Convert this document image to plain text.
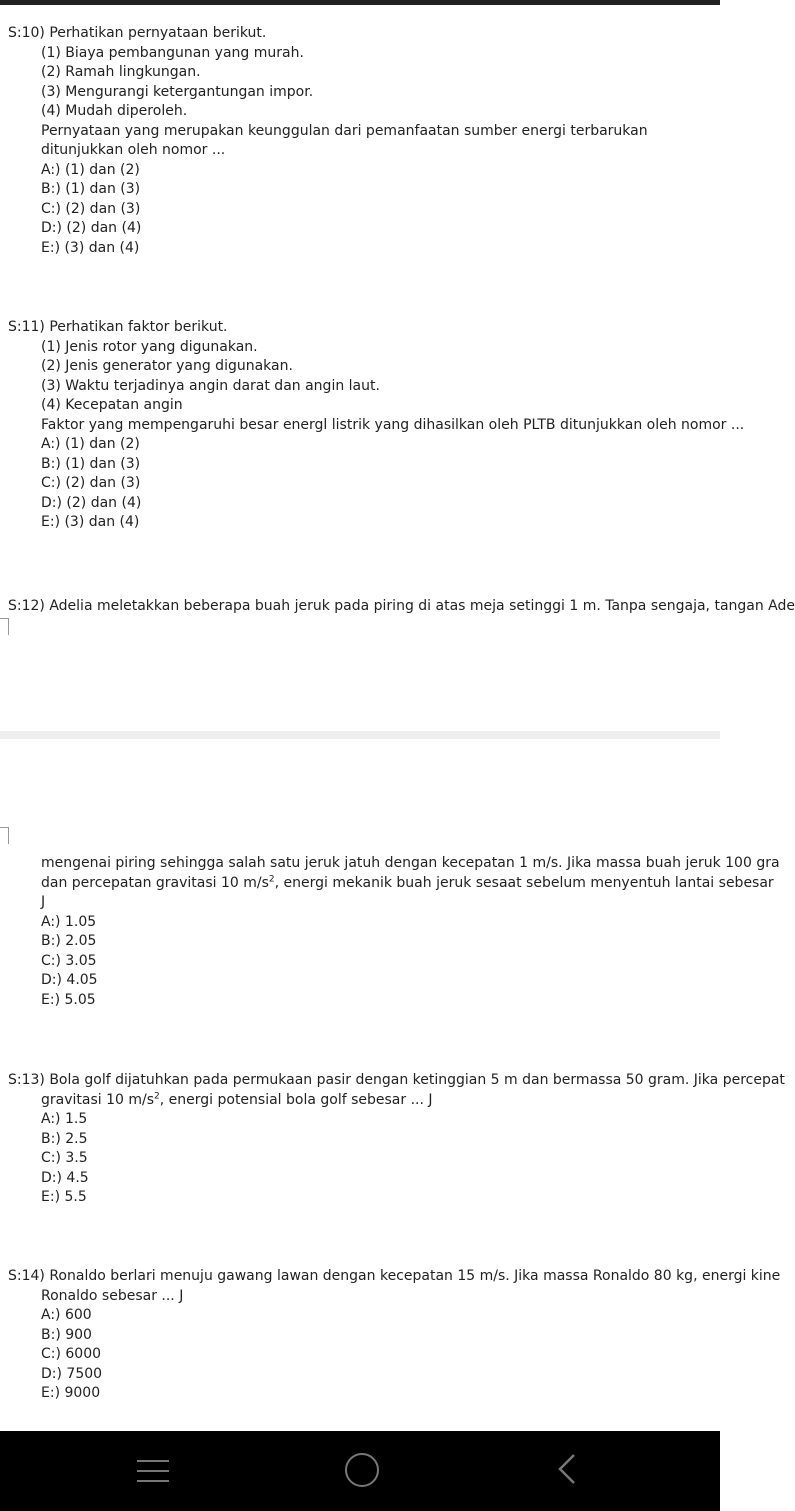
S:10) Perhatikan pernyataan berikut.
(1) Biaya pembangunan yang murah.
(2) Ramah lingkungan.
(3) Mengurangi ketergantungan impor.
(4) Mudah diperoleh.
Pernyataan yang merupakan keunggulan dari pemanfaatan sumber energi terbarukan ditunjukkan oleh nomor ...
A:) (1) dan (2)
B:) (1) dan (3)
C:) (2) dan (3)
D:) (2) dan (4)
E:) (3) dan (4)
S:11) Perhatikan faktor berikut.
(1) Jenis rotor yang digunakan.
(2) Jenis generator yang digunakan.
(3) Waktu terjadinya angin darat dan angin laut.
(4) Kecepatan angin
Faktor yang mempengaruhi besar energl listrik yang dihasilkan oleh PLTB ditunjukkan oleh nomor ...
A:) (1) dan (2)
B:) (1) dan (3)
C:) (2) dan (3)
D:) (2) dan (4)
E:) (3) dan (4)
S:12) Adelia meletakkan beberapa buah jeruk pada piring di atas meja setinggi 1 m. Tanpa sengaja, tangan Ade
mengenai piring sehingga salah satu jeruk jatuh dengan kecepatan 1 m/s. Jika massa buah jeruk 100 gra
dan percepatan gravitasi 10 $m/s^2$, energi mekanik buah jeruk sesaat sebelum menyentuh lantai sebesar
J
A:) 1.05
B:) 2.05
C:) 3.05
D:) 4.05
E:) 5.05
S:13) Bola golf dijatuhkan pada permukaan pasir dengan ketinggian 5 m dan bermassa 50 gram. Jika percepat
gravitasi 10 $m/s^2$, energi potensial bola golf sebesar ... J
A:) 1.5
B:) 2.5
C:) 3.5
D:) 4.5
E:) 5.5
S:14) Ronaldo berlari menuju gawang lawan dengan kecepatan 15 m/s. Jika massa Ronaldo 80 kg, energi kine
Ronaldo sebesar ... J
A:) 600
B:) 900
C:) 6000
D:) 7500
E:) 9000
